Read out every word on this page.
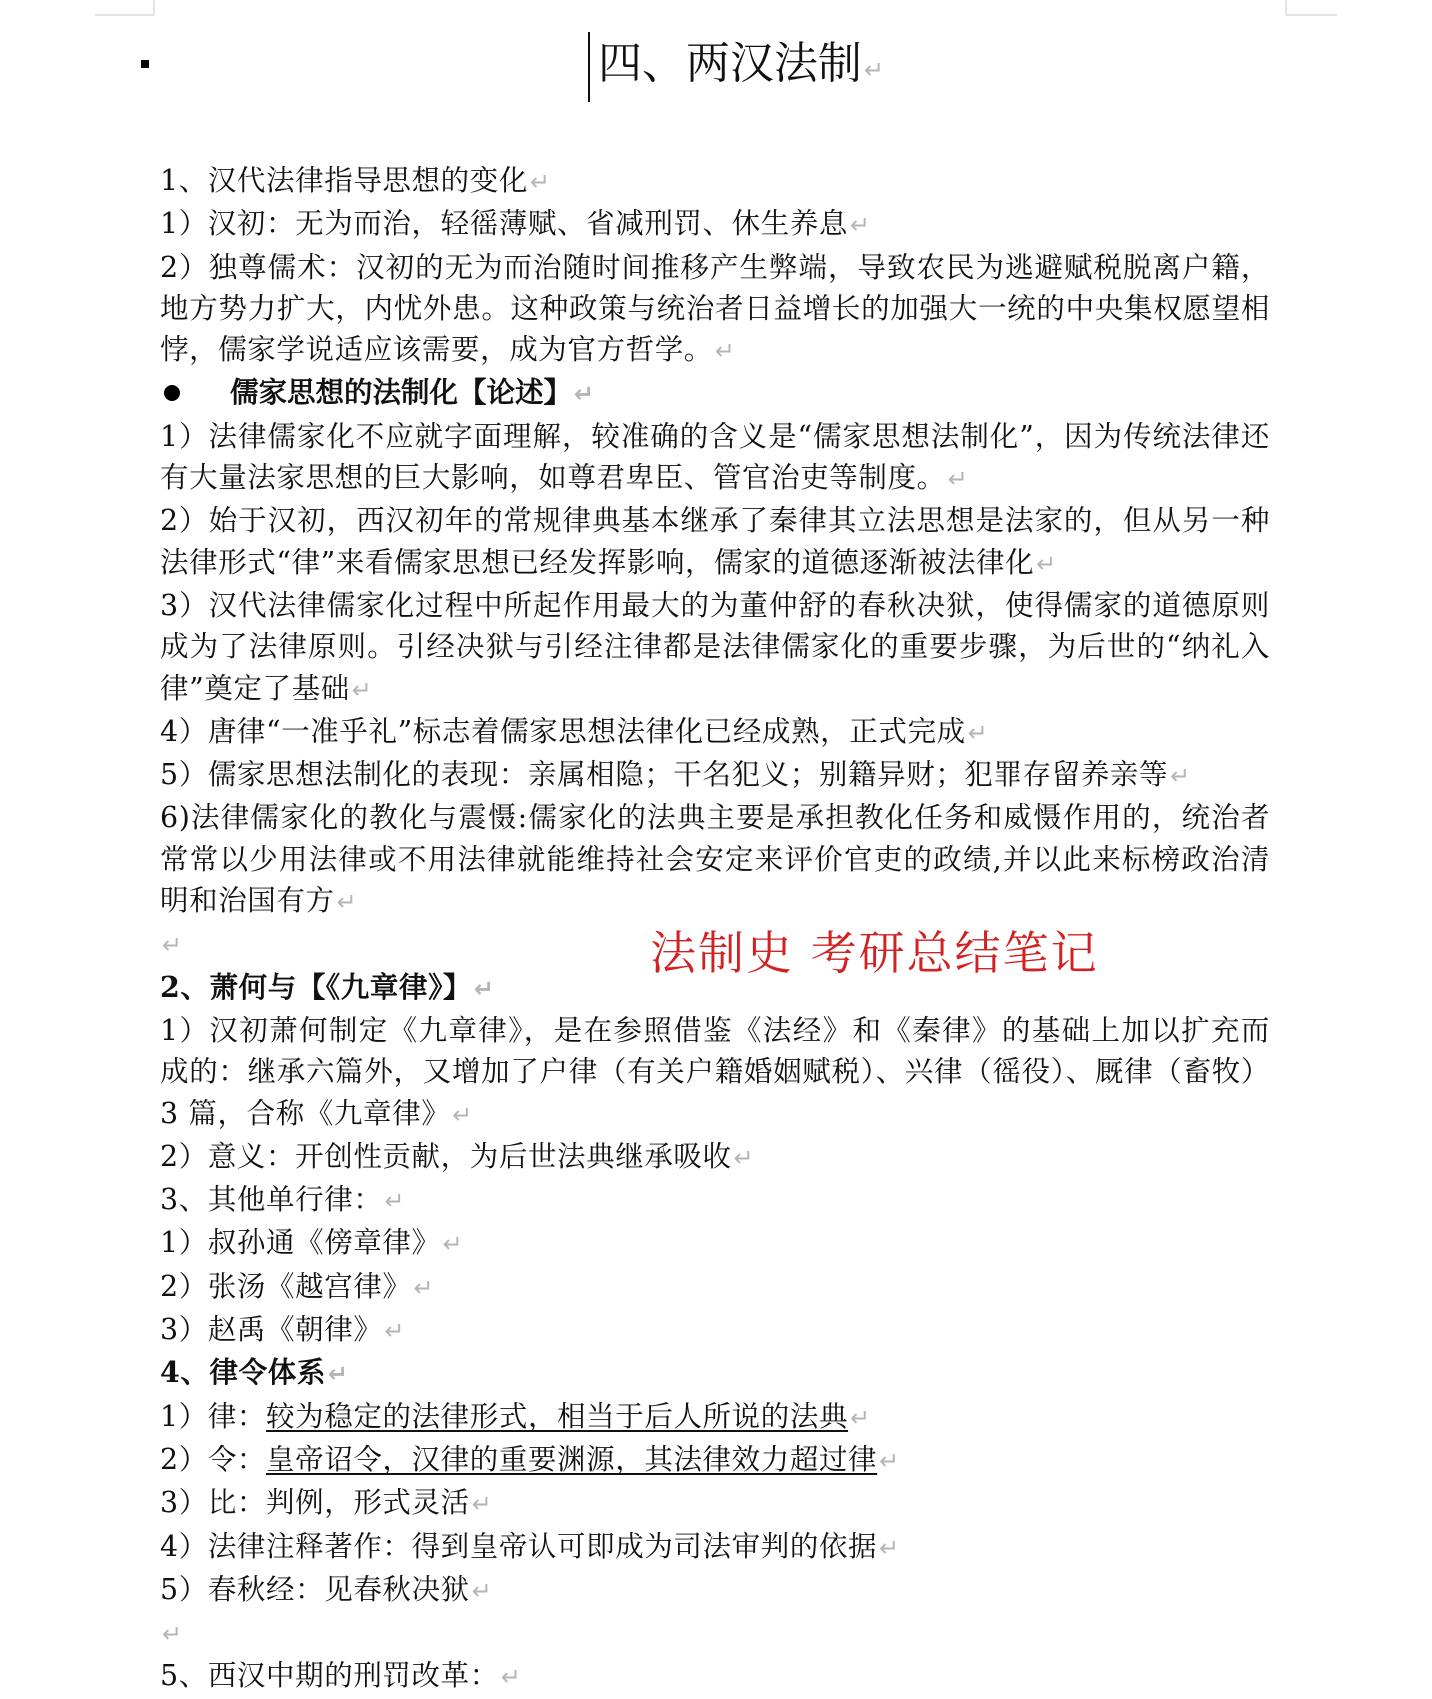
四、两汉法制↵
1、汉代法律指导思想的变化↵
1）汉初：无为而治，轻徭薄赋、省减刑罚、休生养息↵
2）独尊儒术：汉初的无为而治随时间推移产生弊端，导致农民为逃避赋税脱离户籍，地方势力扩大，内忧外患。这种政策与统治者日益增长的加强大一统的中央集权愿望相悖，儒家学说适应该需要，成为官方哲学。↵
儒家思想的法制化【论述】↵
1）法律儒家化不应就字面理解，较准确的含义是“儒家思想法制化”，因为传统法律还有大量法家思想的巨大影响，如尊君卑臣、管官治吏等制度。↵
2）始于汉初，西汉初年的常规律典基本继承了秦律其立法思想是法家的，但从另一种法律形式“律”来看儒家思想已经发挥影响，儒家的道德逐渐被法律化↵
3）汉代法律儒家化过程中所起作用最大的为董仲舒的春秋决狱，使得儒家的道德原则成为了法律原则。引经决狱与引经注律都是法律儒家化的重要步骤，为后世的“纳礼入律”奠定了基础↵
4）唐律“一准乎礼”标志着儒家思想法律化已经成熟，正式完成↵
5）儒家思想法制化的表现：亲属相隐；干名犯义；别籍异财；犯罪存留养亲等↵
6)法律儒家化的教化与震慑:儒家化的法典主要是承担教化任务和威慑作用的，统治者常常以少用法律或不用法律就能维持社会安定来评价官吏的政绩,并以此来标榜政治清明和治国有方↵
↵
2、萧何与【《九章律》】↵
1）汉初萧何制定《九章律》，是在参照借鉴《法经》和《秦律》的基础上加以扩充而成的：继承六篇外，又增加了户律（有关户籍婚姻赋税）、兴律（徭役）、厩律（畜牧）3 篇，合称《九章律》↵
2）意义：开创性贡献，为后世法典继承吸收↵
3、其他单行律：↵
1）叔孙通《傍章律》↵
2）张汤《越宫律》↵
3）赵禹《朝律》↵
4、律令体系↵
1）律：较为稳定的法律形式，相当于后人所说的法典↵
2）令：皇帝诏令，汉律的重要渊源，其法律效力超过律↵
3）比：判例，形式灵活↵
4）法律注释著作：得到皇帝认可即成为司法审判的依据↵
5）春秋经：见春秋决狱↵
↵
5、西汉中期的刑罚改革：↵
法制史 考研总结笔记
